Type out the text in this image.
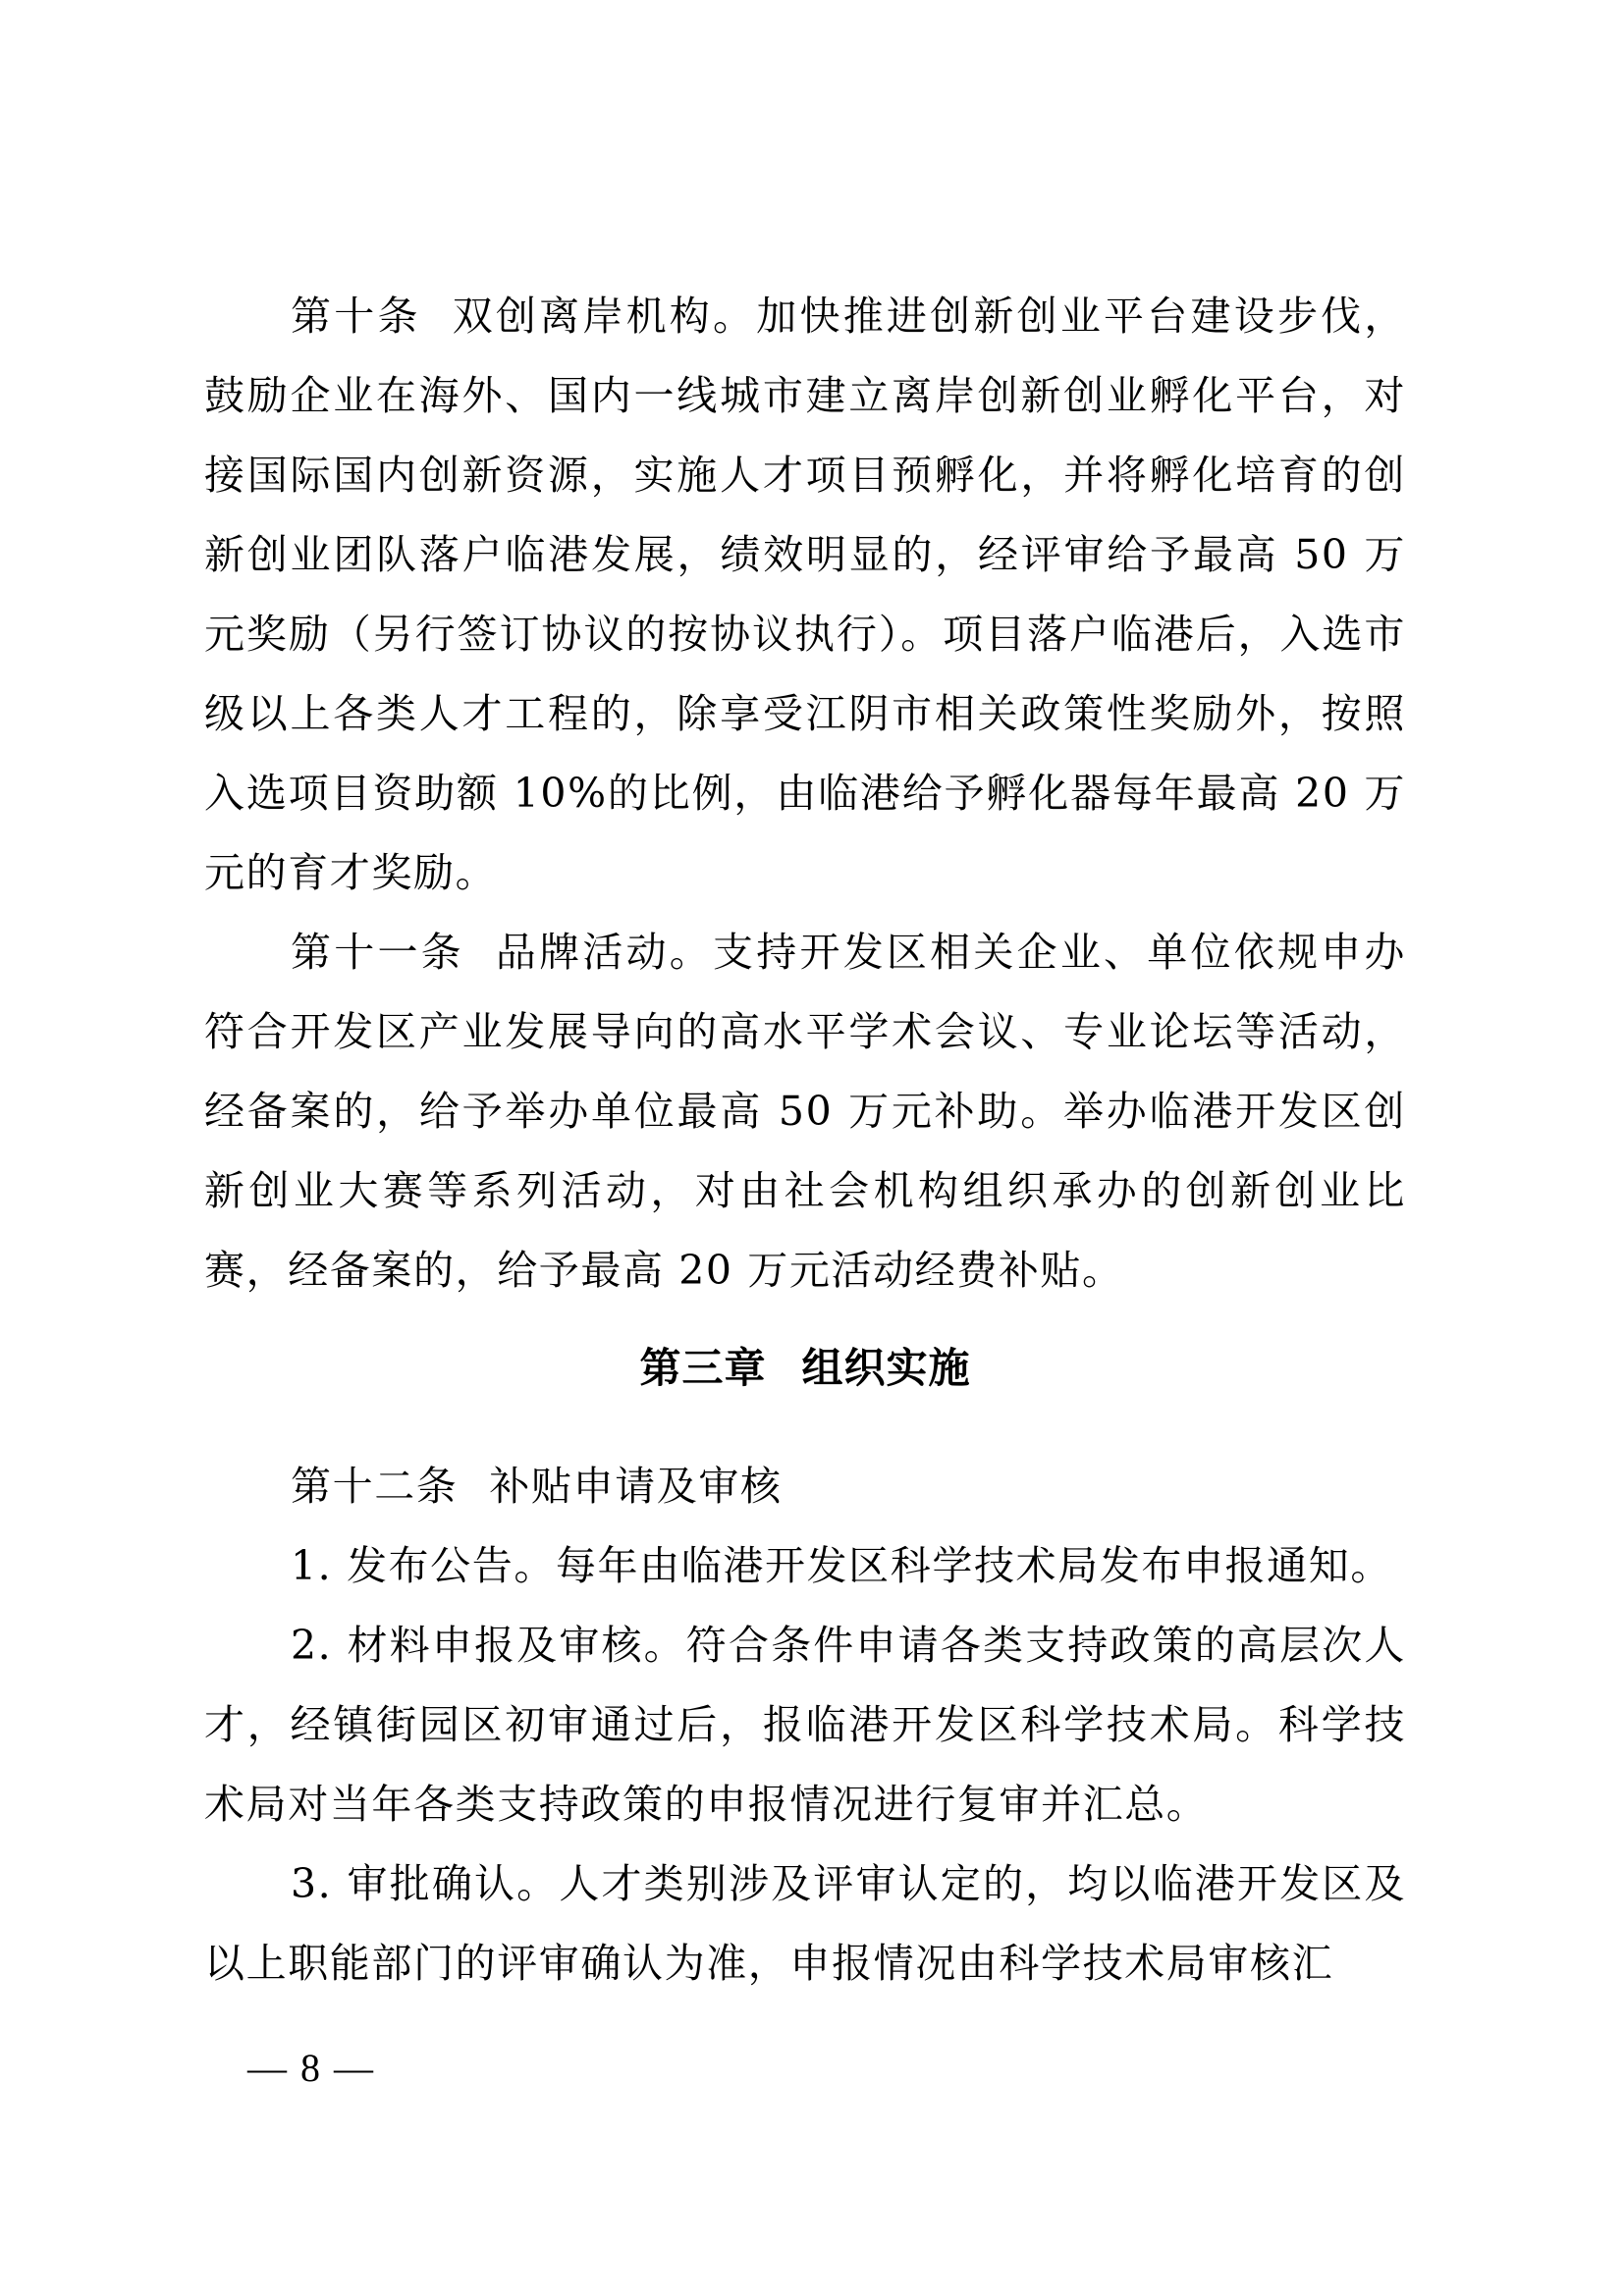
第十条 双创离岸机构。加快推进创新创业平台建设步伐，鼓励企业在海外、国内一线城市建立离岸创新创业孵化平台，对接国际国内创新资源，实施人才项目预孵化，并将孵化培育的创新创业团队落户临港发展，绩效明显的，经评审给予最高 50 万元奖励（另行签订协议的按协议执行）。项目落户临港后，入选市级以上各类人才工程的，除享受江阴市相关政策性奖励外，按照入选项目资助额 10%的比例，由临港给予孵化器每年最高 20 万元的育才奖励。

第十一条 品牌活动。支持开发区相关企业、单位依规申办符合开发区产业发展导向的高水平学术会议、专业论坛等活动，经备案的，给予举办单位最高 50 万元补助。举办临港开发区创新创业大赛等系列活动，对由社会机构组织承办的创新创业比赛，经备案的，给予最高 20 万元活动经费补贴。

第三章 组织实施

第十二条 补贴申请及审核

1. 发布公告。每年由临港开发区科学技术局发布申报通知。

2. 材料申报及审核。符合条件申请各类支持政策的高层次人才，经镇街园区初审通过后，报临港开发区科学技术局。科学技术局对当年各类支持政策的申报情况进行复审并汇总。

3. 审批确认。人才类别涉及评审认定的，均以临港开发区及以上职能部门的评审确认为准，申报情况由科学技术局审核汇

— 8 —
